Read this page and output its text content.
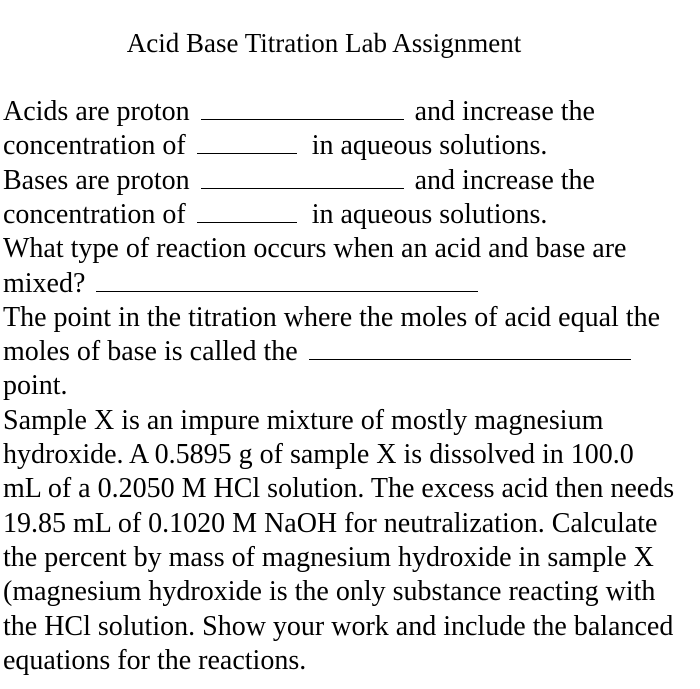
Acid Base Titration Lab Assignment
Acids are proton	and increase the
concentration of	in aqueous solutions.
Bases are proton	and increase the
concentration of	in aqueous solutions.
What type of reaction occurs when an acid and base are
mixed?
The point in the titration where the moles of acid equal the
moles of base is called the
point.
Sample X is an impure mixture of mostly magnesium
hydroxide. A 0.5895 g of sample X is dissolved in 100.0
mL of a 0.2050 M HCl solution. The excess acid then needs
19.85 mL of 0.1020 M NaOH for neutralization. Calculate
the percent by mass of magnesium hydroxide in sample X
(magnesium hydroxide is the only substance reacting with
the HCl solution. Show your work and include the balanced
equations for the reactions.
